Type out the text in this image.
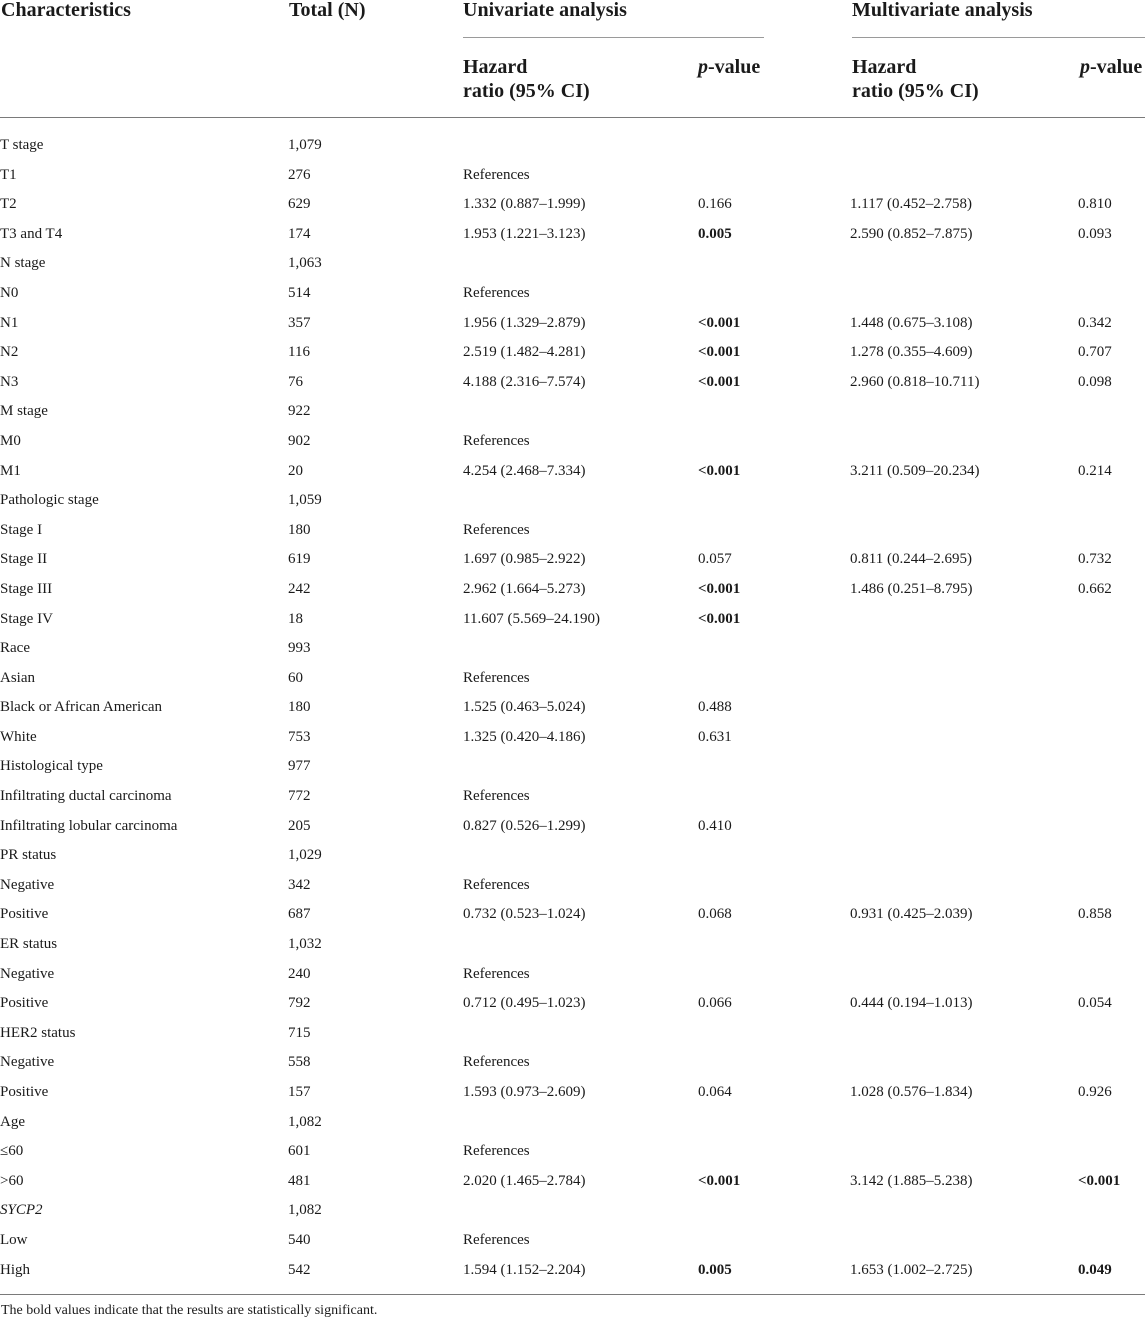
Characteristics	Total (N)	Univariate analysis	Multivariate analysis
Hazard
ratio (95% CI)
p-value	Hazard
ratio (95% CI)
p-value
T stage	1,079				
T1	276	References			
T2	629	1.332 (0.887–1.999)	0.166	1.117 (0.452–2.758)	0.810
T3 and T4	174	1.953 (1.221–3.123)	0.005	2.590 (0.852–7.875)	0.093
N stage	1,063				
N0	514	References			
N1	357	1.956 (1.329–2.879)	<0.001	1.448 (0.675–3.108)	0.342
N2	116	2.519 (1.482–4.281)	<0.001	1.278 (0.355–4.609)	0.707
N3	76	4.188 (2.316–7.574)	<0.001	2.960 (0.818–10.711)	0.098
M stage	922				
M0	902	References			
M1	20	4.254 (2.468–7.334)	<0.001	3.211 (0.509–20.234)	0.214
Pathologic stage	1,059				
Stage I	180	References			
Stage II	619	1.697 (0.985–2.922)	0.057	0.811 (0.244–2.695)	0.732
Stage III	242	2.962 (1.664–5.273)	<0.001	1.486 (0.251–8.795)	0.662
Stage IV	18	11.607 (5.569–24.190)	<0.001		
Race	993				
Asian	60	References			
Black or African American	180	1.525 (0.463–5.024)	0.488		
White	753	1.325 (0.420–4.186)	0.631		
Histological type	977				
Infiltrating ductal carcinoma	772	References			
Infiltrating lobular carcinoma	205	0.827 (0.526–1.299)	0.410		
PR status	1,029				
Negative	342	References			
Positive	687	0.732 (0.523–1.024)	0.068	0.931 (0.425–2.039)	0.858
ER status	1,032				
Negative	240	References			
Positive	792	0.712 (0.495–1.023)	0.066	0.444 (0.194–1.013)	0.054
HER2 status	715				
Negative	558	References			
Positive	157	1.593 (0.973–2.609)	0.064	1.028 (0.576–1.834)	0.926
Age	1,082				
≤60	601	References			
>60	481	2.020 (1.465–2.784)	<0.001	3.142 (1.885–5.238)	<0.001
SYCP2	1,082				
Low	540	References			
High	542	1.594 (1.152–2.204)	0.005	1.653 (1.002–2.725)	0.049
The bold values indicate that the results are statistically significant.
